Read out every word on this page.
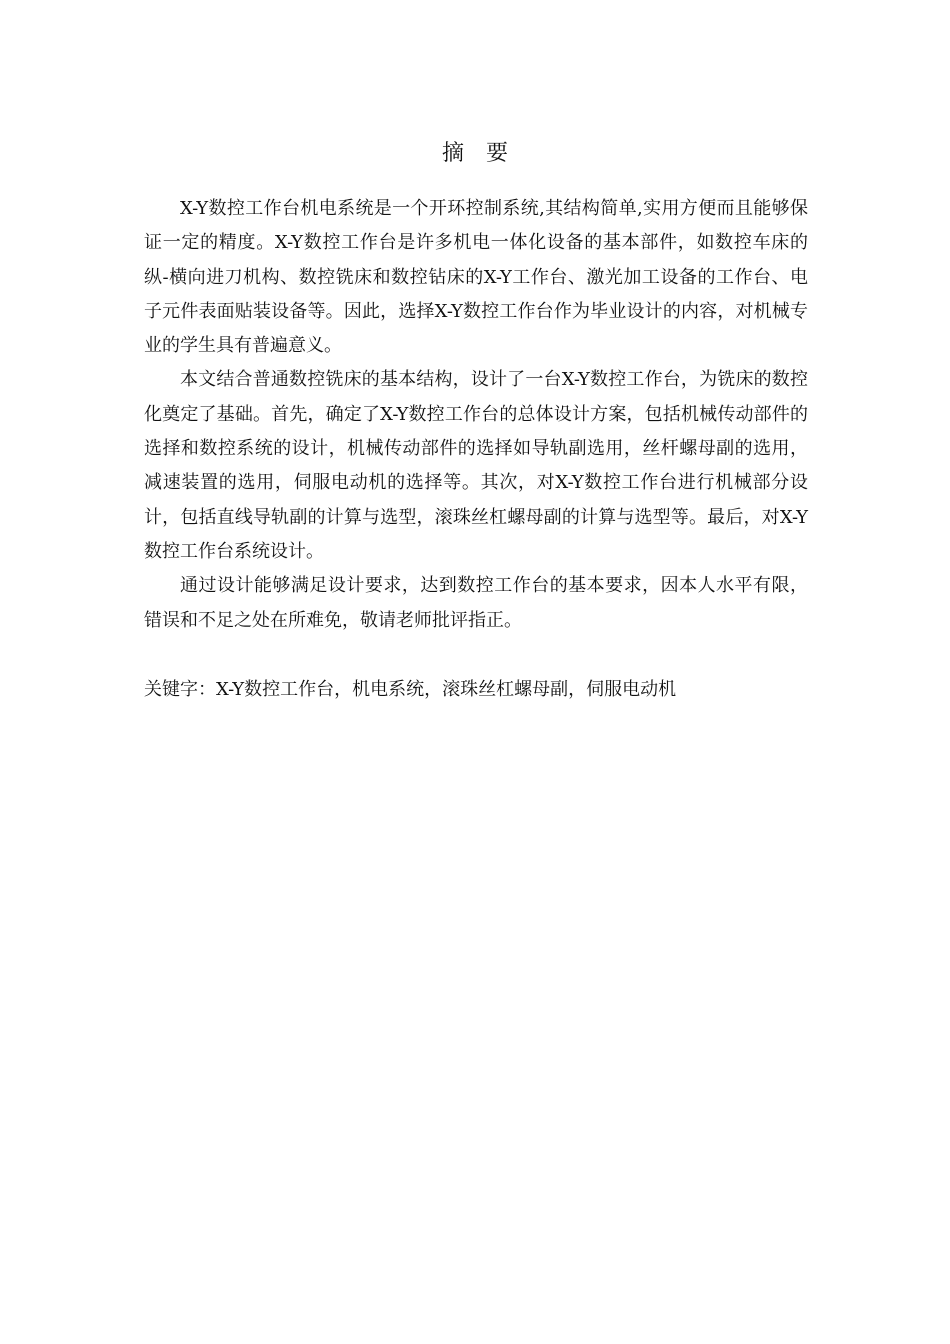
摘要

X-Y数控工作台机电系统是一个开环控制系统,其结构简单,实用方便而且能够保证一定的精度。X-Y数控工作台是许多机电一体化设备的基本部件，如数控车床的纵-横向进刀机构、数控铣床和数控钻床的X-Y工作台、激光加工设备的工作台、电子元件表面贴装设备等。因此，选择X-Y数控工作台作为毕业设计的内容，对机械专业的学生具有普遍意义。

本文结合普通数控铣床的基本结构，设计了一台X-Y数控工作台，为铣床的数控化奠定了基础。首先，确定了X-Y数控工作台的总体设计方案，包括机械传动部件的选择和数控系统的设计，机械传动部件的选择如导轨副选用，丝杆螺母副的选用，减速装置的选用，伺服电动机的选择等。其次，对X-Y数控工作台进行机械部分设计，包括直线导轨副的计算与选型，滚珠丝杠螺母副的计算与选型等。最后，对X-Y数控工作台系统设计。

通过设计能够满足设计要求，达到数控工作台的基本要求，因本人水平有限，错误和不足之处在所难免，敬请老师批评指正。

关键字：X-Y数控工作台，机电系统，滚珠丝杠螺母副，伺服电动机
